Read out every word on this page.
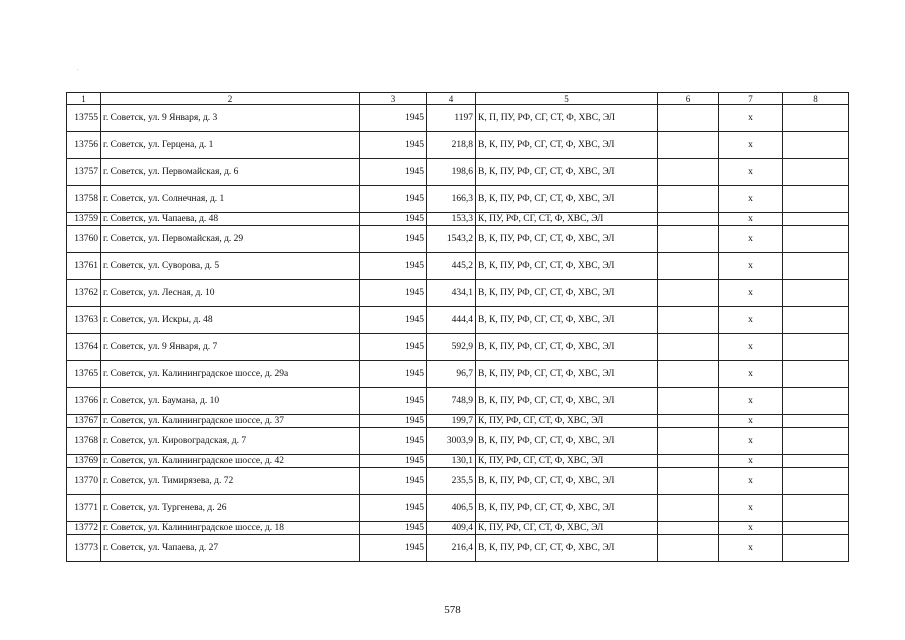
.
1	2	3	4	5	6	7	8
13755	г. Советск, ул. 9 Января, д. 3	1945	1197	К, П, ПУ, РФ, СГ, СТ, Ф, ХВС, ЭЛ		х	
13756	г. Советск, ул. Герцена, д. 1	1945	218,8	В, К, ПУ, РФ, СГ, СТ, Ф, ХВС, ЭЛ		х	
13757	г. Советск, ул. Первомайская, д. 6	1945	198,6	В, К, ПУ, РФ, СГ, СТ, Ф, ХВС, ЭЛ		х	
13758	г. Советск, ул. Солнечная, д. 1	1945	166,3	В, К, ПУ, РФ, СГ, СТ, Ф, ХВС, ЭЛ		х	
13759	г. Советск, ул. Чапаева, д. 48	1945	153,3	К, ПУ, РФ, СГ, СТ, Ф, ХВС, ЭЛ		х	
13760	г. Советск, ул. Первомайская, д. 29	1945	1543,2	В, К, ПУ, РФ, СГ, СТ, Ф, ХВС, ЭЛ		х	
13761	г. Советск, ул. Суворова, д. 5	1945	445,2	В, К, ПУ, РФ, СГ, СТ, Ф, ХВС, ЭЛ		х	
13762	г. Советск, ул. Лесная, д. 10	1945	434,1	В, К, ПУ, РФ, СГ, СТ, Ф, ХВС, ЭЛ		х	
13763	г. Советск, ул. Искры, д. 48	1945	444,4	В, К, ПУ, РФ, СГ, СТ, Ф, ХВС, ЭЛ		х	
13764	г. Советск, ул. 9 Января, д. 7	1945	592,9	В, К, ПУ, РФ, СГ, СТ, Ф, ХВС, ЭЛ		х	
13765	г. Советск, ул. Калининградское шоссе, д. 29а	1945	96,7	В, К, ПУ, РФ, СГ, СТ, Ф, ХВС, ЭЛ		х	
13766	г. Советск, ул. Баумана, д. 10	1945	748,9	В, К, ПУ, РФ, СГ, СТ, Ф, ХВС, ЭЛ		х	
13767	г. Советск, ул. Калининградское шоссе, д. 37	1945	199,7	К, ПУ, РФ, СГ, СТ, Ф, ХВС, ЭЛ		х	
13768	г. Советск, ул. Кировоградская, д. 7	1945	3003,9	В, К, ПУ, РФ, СГ, СТ, Ф, ХВС, ЭЛ		х	
13769	г. Советск, ул. Калининградское шоссе, д. 42	1945	130,1	К, ПУ, РФ, СГ, СТ, Ф, ХВС, ЭЛ		х	
13770	г. Советск, ул. Тимирязева, д. 72	1945	235,5	В, К, ПУ, РФ, СГ, СТ, Ф, ХВС, ЭЛ		х	
13771	г. Советск, ул. Тургенева, д. 26	1945	406,5	В, К, ПУ, РФ, СГ, СТ, Ф, ХВС, ЭЛ		х	
13772	г. Советск, ул. Калининградское шоссе, д. 18	1945	409,4	К, ПУ, РФ, СГ, СТ, Ф, ХВС, ЭЛ		х	
13773	г. Советск, ул. Чапаева, д. 27	1945	216,4	В, К, ПУ, РФ, СГ, СТ, Ф, ХВС, ЭЛ		х	
578
